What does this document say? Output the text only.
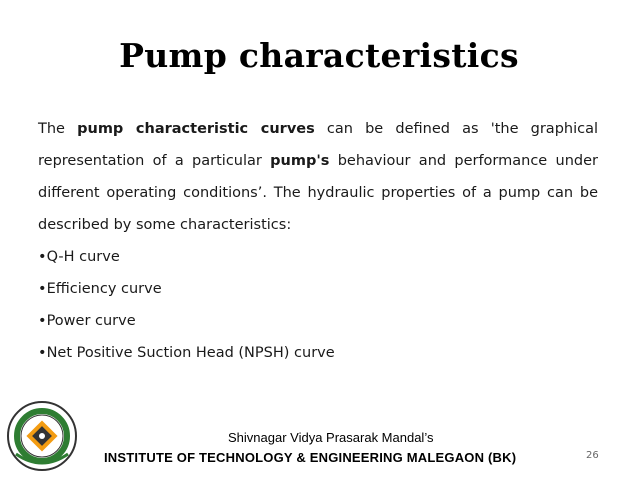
Pump characteristics

The pump characteristic curves can be defined as 'the graphical representation of a particular pump's behaviour and performance under different operating conditions’. The hydraulic properties of a pump can be described by some characteristics:

• Q-H curve
• Efficiency curve
• Power curve
• Net Positive Suction Head (NPSH) curve
Shivnagar Vidya Prasarak Mandal’s
INSTITUTE OF TECHNOLOGY & ENGINEERING MALEGAON (BK)	26
